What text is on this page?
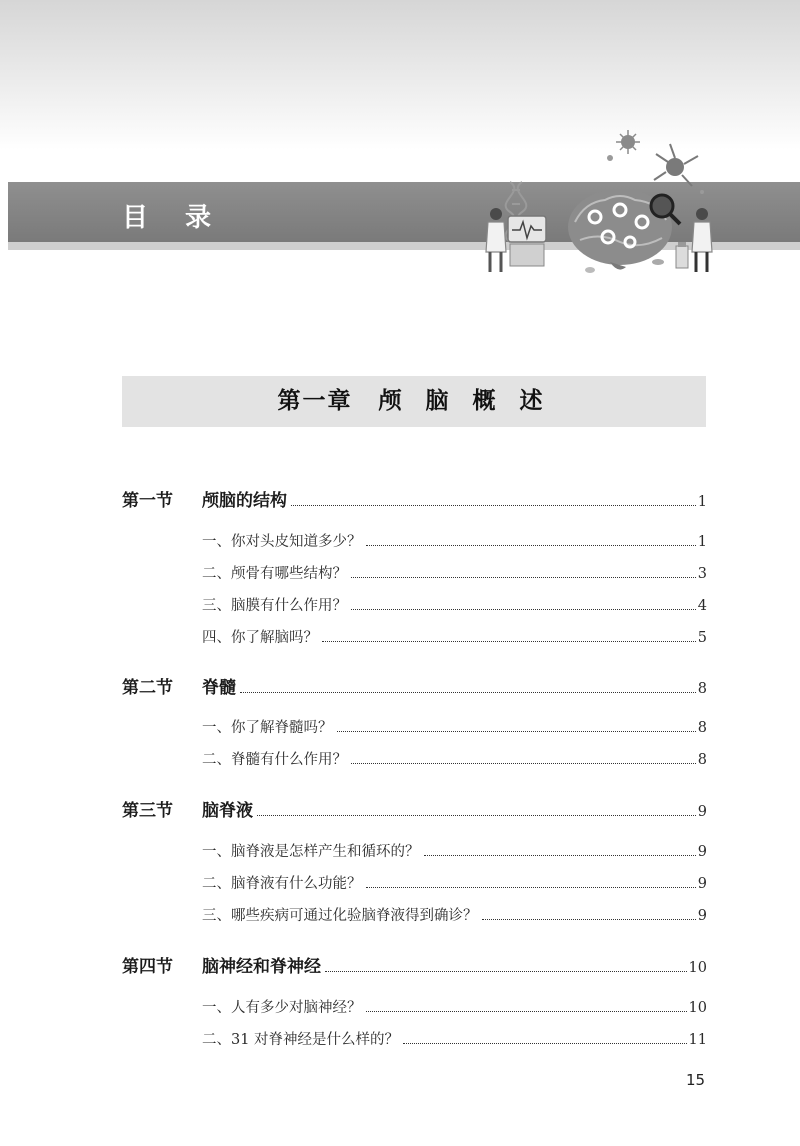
目 录
第一章 颅 脑 概 述
第一节	颅脑的结构	1
一、你对头皮知道多少？	1
二、颅骨有哪些结构？	3
三、脑膜有什么作用？	4
四、你了解脑吗？	5
第二节	脊髓	8
一、你了解脊髓吗？	8
二、脊髓有什么作用？	8
第三节	脑脊液	9
一、脑脊液是怎样产生和循环的？	9
二、脑脊液有什么功能？	9
三、哪些疾病可通过化验脑脊液得到确诊？	9
第四节	脑神经和脊神经	10
一、人有多少对脑神经？	10
二、31 对脊神经是什么样的？	11
15
